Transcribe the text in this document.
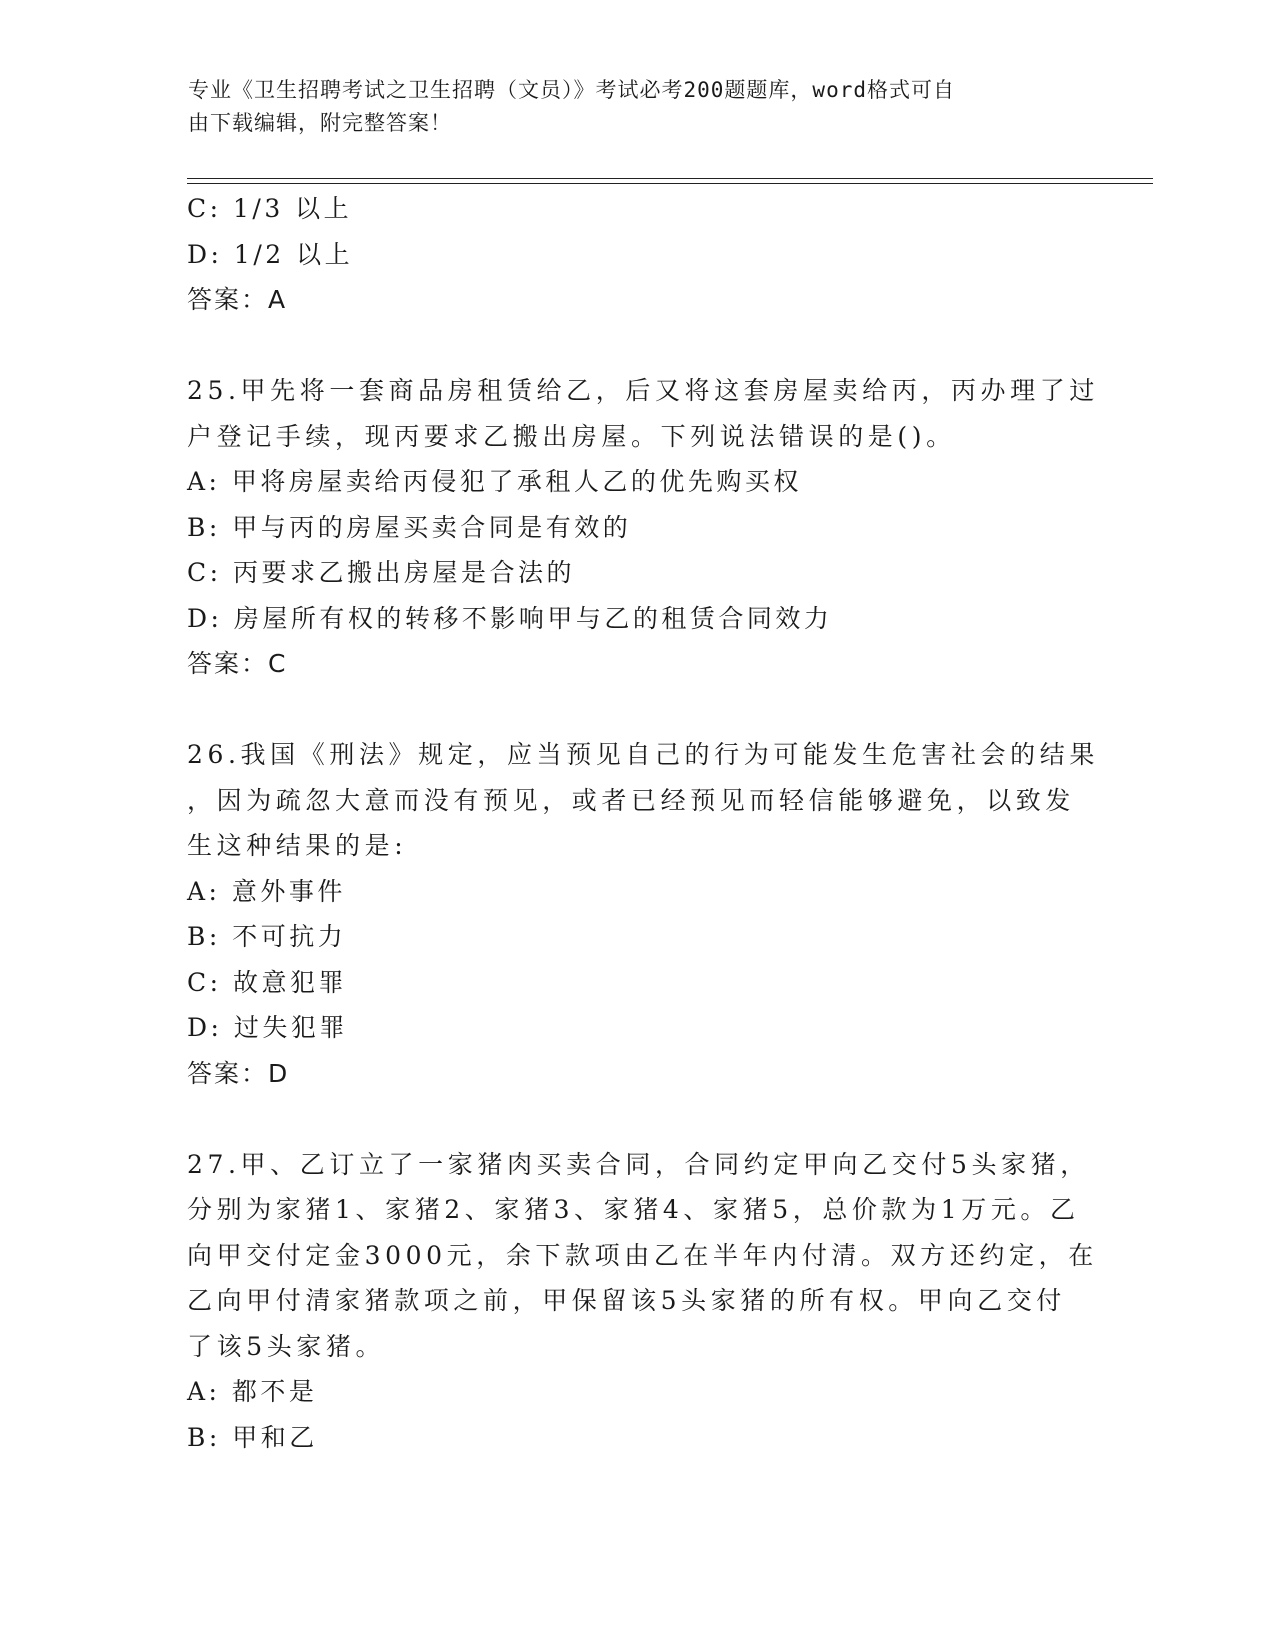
专业《卫生招聘考试之卫生招聘（文员）》考试必考200题题库，word格式可自
由下载编辑，附完整答案！
C: 1/3 以上
D: 1/2 以上
答案：A
25.甲先将一套商品房租赁给乙，后又将这套房屋卖给丙，丙办理了过
户登记手续，现丙要求乙搬出房屋。下列说法错误的是()。
A: 甲将房屋卖给丙侵犯了承租人乙的优先购买权
B: 甲与丙的房屋买卖合同是有效的
C: 丙要求乙搬出房屋是合法的
D: 房屋所有权的转移不影响甲与乙的租赁合同效力
答案：C
26.我国《刑法》规定，应当预见自己的行为可能发生危害社会的结果
，因为疏忽大意而没有预见，或者已经预见而轻信能够避免，以致发
生这种结果的是:
A: 意外事件
B: 不可抗力
C: 故意犯罪
D: 过失犯罪
答案：D
27.甲、乙订立了一家猪肉买卖合同，合同约定甲向乙交付5头家猪，
分别为家猪1、家猪2、家猪3、家猪4、家猪5，总价款为1万元。乙
向甲交付定金3000元，余下款项由乙在半年内付清。双方还约定，在
乙向甲付清家猪款项之前，甲保留该5头家猪的所有权。甲向乙交付
了该5头家猪。
A: 都不是
B: 甲和乙
